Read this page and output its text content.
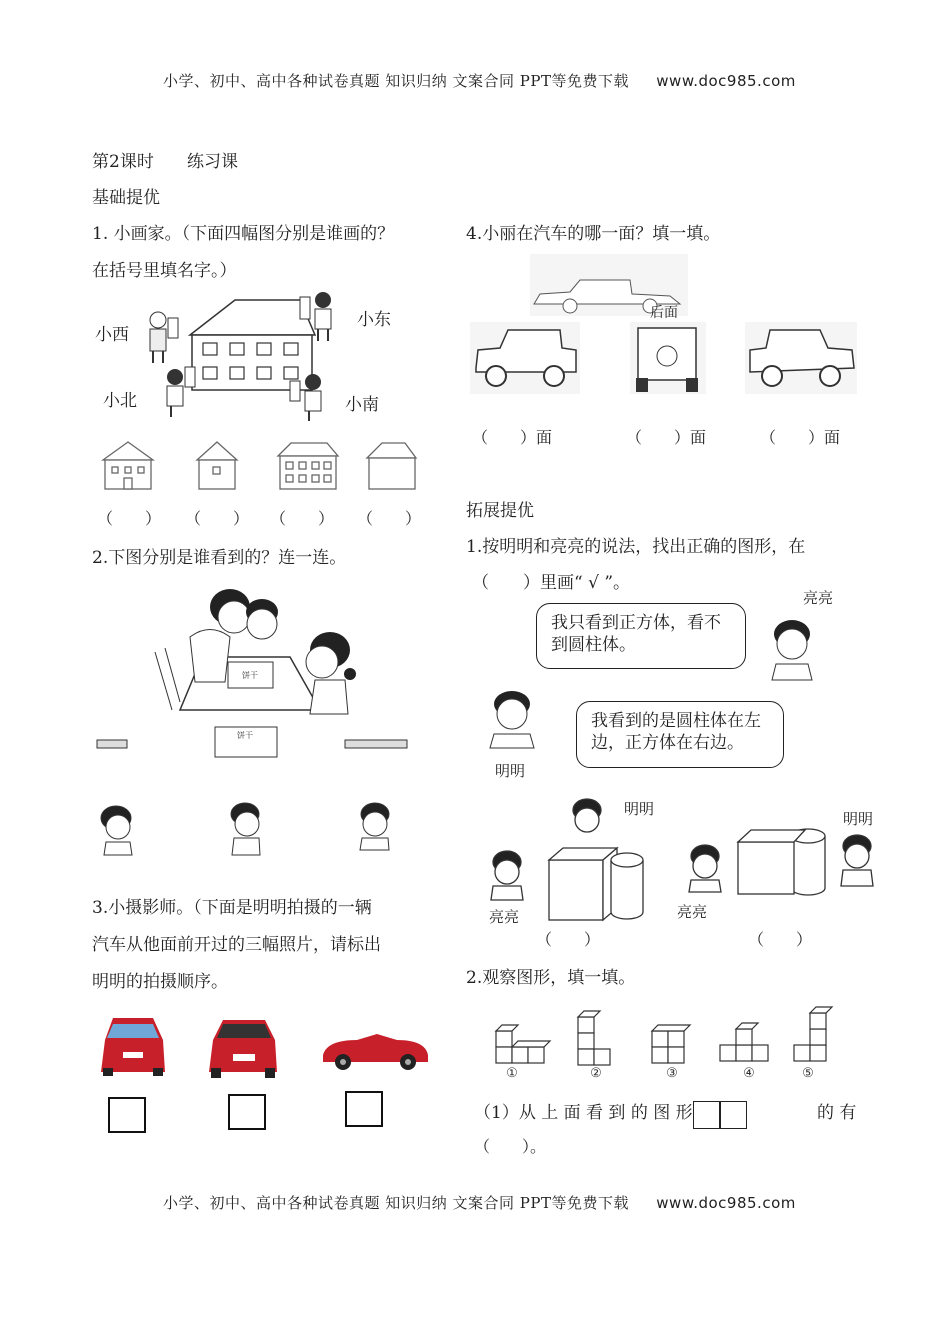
小学、初中、高中各种试卷真题 知识归纳 文案合同 PPT等免费下载 www.doc985.com
第2课时 练习课
基础提优
1. 小画家。（下面四幅图分别是谁画的？
在括号里填名字。）
小西
小东
小北	小南
（　　） （　　） （　　） （　　）
2.下图分别是谁看到的？连一连。
饼干
饼干
3.小摄影师。（下面是明明拍摄的一辆
汽车从他面前开过的三幅照片，请标出
明明的拍摄顺序。
4.小丽在汽车的哪一面？填一填。
（　　）面	（　　）面	（　　）面
拓展提优
1.按明明和亮亮的说法，找出正确的图形，在
（　　）里画“ √ ”。
亮亮
我只看到正方体，看不到圆柱体。
明明
我看到的是圆柱体在左边，正方体在右边。
明明
明明
亮亮	亮亮
（　　）	（　　）
2.观察图形，填一填。
①	②	③	④	⑤
（1）从 上 面 看 到 的 图 形	的 有
（　　）。
小学、初中、高中各种试卷真题 知识归纳 文案合同 PPT等免费下载 www.doc985.com
